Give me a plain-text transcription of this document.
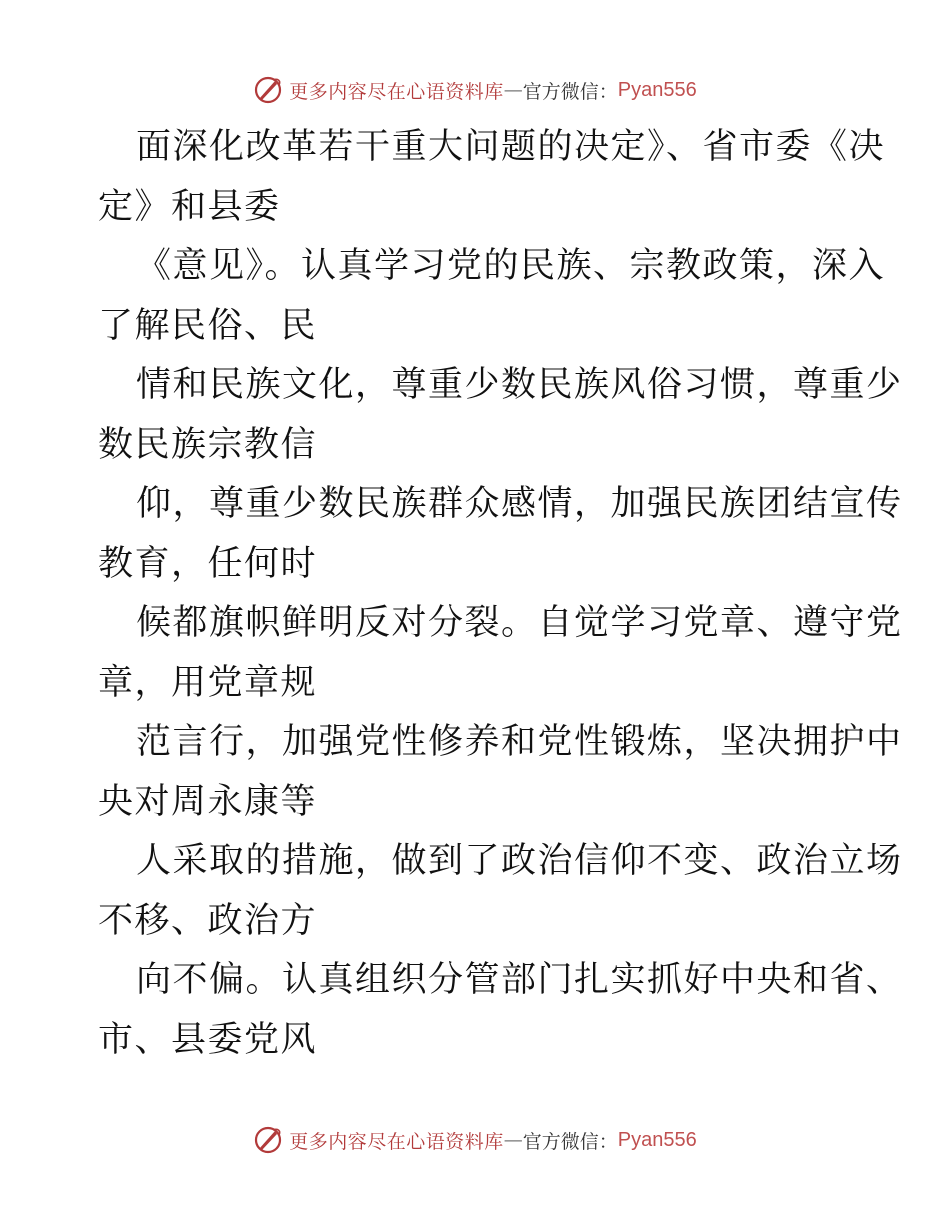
更多内容尽在心语资料库 — 官方微信： Pyan556
面深化改革若干重大问题的决定》、省市委《决
定》和县委
《意见》。认真学习党的民族、宗教政策，深入
了解民俗、民
情和民族文化，尊重少数民族风俗习惯，尊重少
数民族宗教信
仰，尊重少数民族群众感情，加强民族团结宣传
教育，任何时
候都旗帜鲜明反对分裂。自觉学习党章、遵守党
章，用党章规
范言行，加强党性修养和党性锻炼，坚决拥护中
央对周永康等
人采取的措施，做到了政治信仰不变、政治立场
不移、政治方
向不偏。认真组织分管部门扎实抓好中央和省、
市、县委党风
更多内容尽在心语资料库 — 官方微信： Pyan556
